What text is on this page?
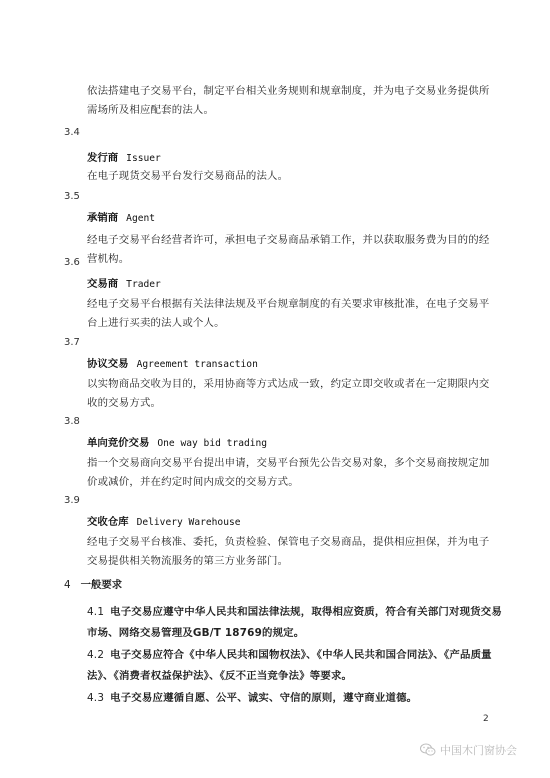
依法搭建电子交易平台，制定平台相关业务规则和规章制度，并为电子交易业务提供所需场所及相应配套的法人。

3.4
发行商 Issuer

在电子现货交易平台发行交易商品的法人。

3.5
承销商 Agent

经电子交易平台经营者许可，承担电子交易商品承销工作，并以获取服务费为目的的经营机构。

3.6
交易商 Trader

经电子交易平台根据有关法律法规及平台规章制度的有关要求审核批准，在电子交易平台上进行买卖的法人或个人。

3.7
协议交易 Agreement transaction

以实物商品交收为目的，采用协商等方式达成一致，约定立即交收或者在一定期限内交收的交易方式。

3.8
单向竞价交易 One way bid trading

指一个交易商向交易平台提出申请，交易平台预先公告交易对象，多个交易商按规定加价或减价，并在约定时间内成交的交易方式。

3.9
交收仓库 Delivery Warehouse

经电子交易平台核准、委托，负责检验、保管电子交易商品，提供相应担保，并为电子交易提供相关物流服务的第三方业务部门。

4 一般要求
4.1 电子交易应遵守中华人民共和国法律法规，取得相应资质，符合有关部门对现货交易市场、网络交易管理及GB/T 18769的规定。
4.2 电子交易应符合《中华人民共和国物权法》、《中华人民共和国合同法》、《产品质量法》、《消费者权益保护法》、《反不正当竞争法》等要求。
4.3 电子交易应遵循自愿、公平、诚实、守信的原则，遵守商业道德。
2
中国木门窗协会
